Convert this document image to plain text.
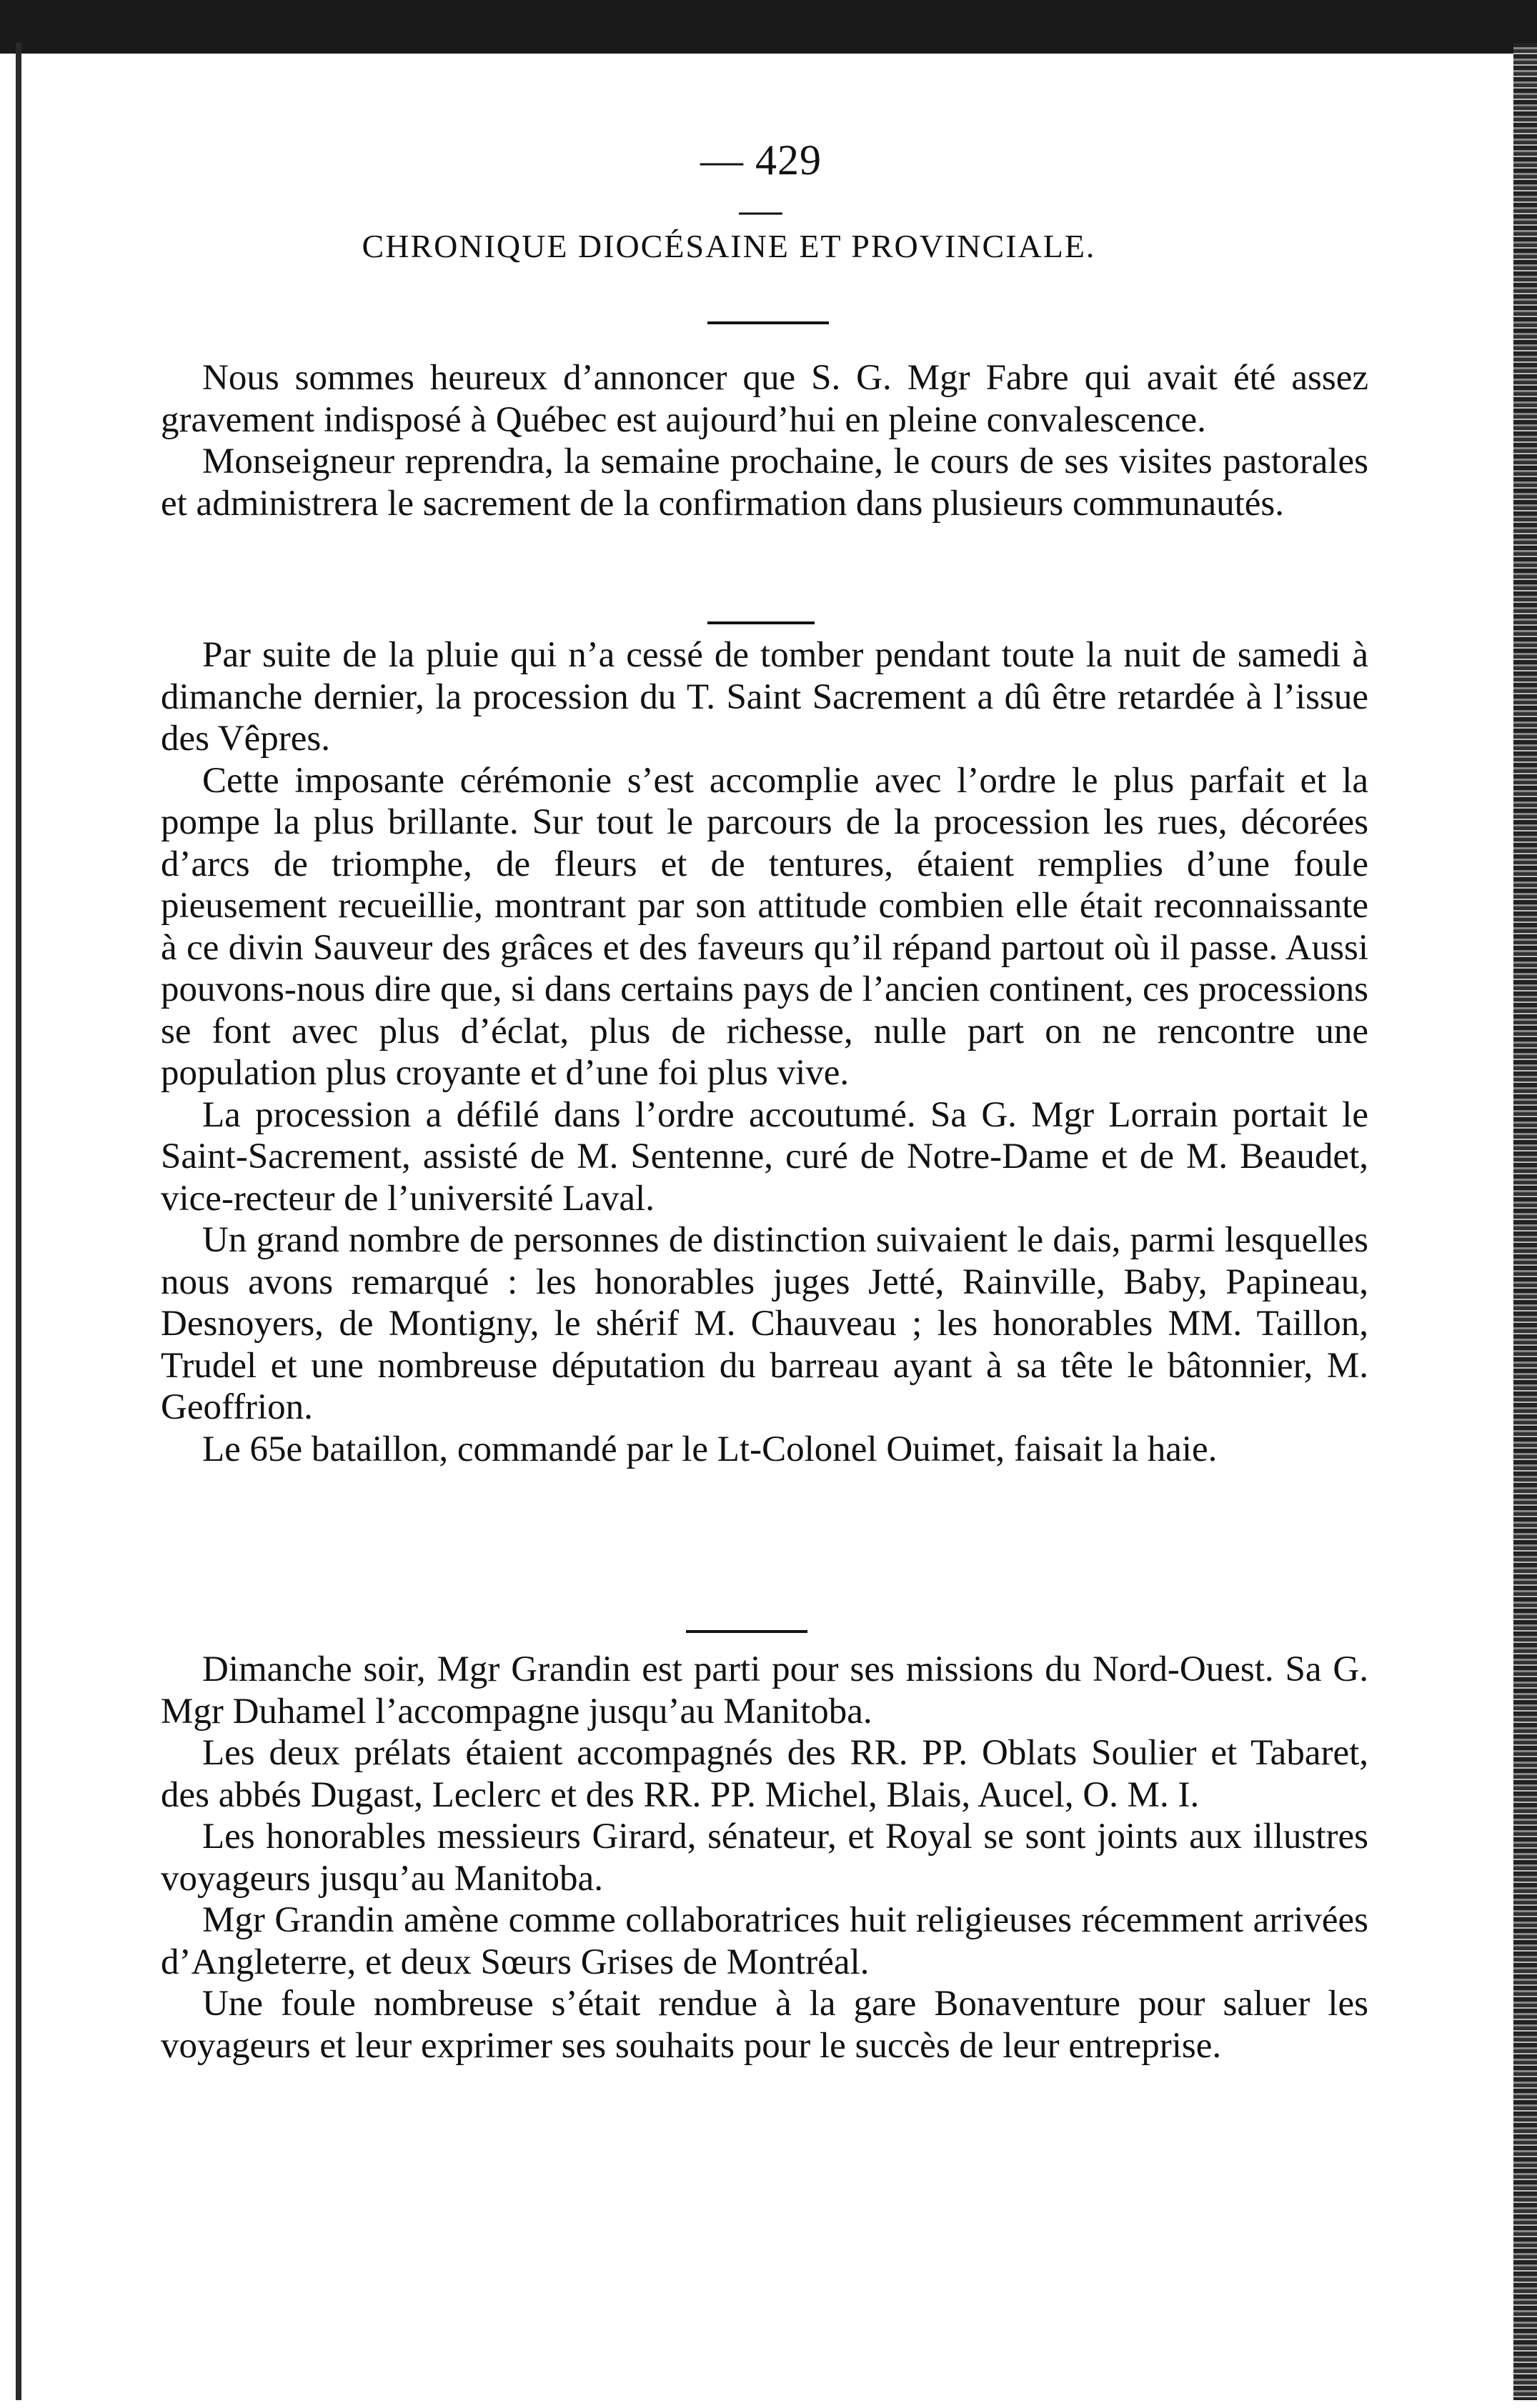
— 429 —
CHRONIQUE DIOCÉSAINE ET PROVINCIALE.

Nous sommes heureux d’annoncer que S. G. Mgr Fabre qui avait été assez gravement indisposé à Québec est aujourd’hui en pleine convalescence.

Monseigneur reprendra, la semaine prochaine, le cours de ses visites pastorales et administrera le sacrement de la confirmation dans plusieurs communautés.

Par suite de la pluie qui n’a cessé de tomber pendant toute la nuit de samedi à dimanche dernier, la procession du T. Saint Sacrement a dû être retardée à l’issue des Vêpres.

Cette imposante cérémonie s’est accomplie avec l’ordre le plus parfait et la pompe la plus brillante. Sur tout le parcours de la procession les rues, décorées d’arcs de triomphe, de fleurs et de tentures, étaient remplies d’une foule pieusement recueillie, montrant par son attitude combien elle était reconnaissante à ce divin Sauveur des grâces et des faveurs qu’il répand partout où il passe. Aussi pouvons-nous dire que, si dans certains pays de l’ancien continent, ces processions se font avec plus d’éclat, plus de richesse, nulle part on ne rencontre une population plus croyante et d’une foi plus vive.

La procession a défilé dans l’ordre accoutumé. Sa G. Mgr Lorrain portait le Saint-Sacrement, assisté de M. Sentenne, curé de Notre-Dame et de M. Beaudet, vice-recteur de l’université Laval.

Un grand nombre de personnes de distinction suivaient le dais, parmi lesquelles nous avons remarqué : les honorables juges Jetté, Rainville, Baby, Papineau, Desnoyers, de Montigny, le shérif M. Chauveau ; les honorables MM. Taillon, Trudel et une nombreuse députation du barreau ayant à sa tête le bâtonnier, M. Geoffrion.

Le 65e bataillon, commandé par le Lt-Colonel Ouimet, faisait la haie.

Dimanche soir, Mgr Grandin est parti pour ses missions du Nord-Ouest. Sa G. Mgr Duhamel l’accompagne jusqu’au Manitoba.

Les deux prélats étaient accompagnés des RR. PP. Oblats Soulier et Tabaret, des abbés Dugast, Leclerc et des RR. PP. Michel, Blais, Aucel, O. M. I.

Les honorables messieurs Girard, sénateur, et Royal se sont joints aux illustres voyageurs jusqu’au Manitoba.

Mgr Grandin amène comme collaboratrices huit religieuses récemment arrivées d’Angleterre, et deux Sœurs Grises de Montréal.

Une foule nombreuse s’était rendue à la gare Bonaventure pour saluer les voyageurs et leur exprimer ses souhaits pour le succès de leur entreprise.
